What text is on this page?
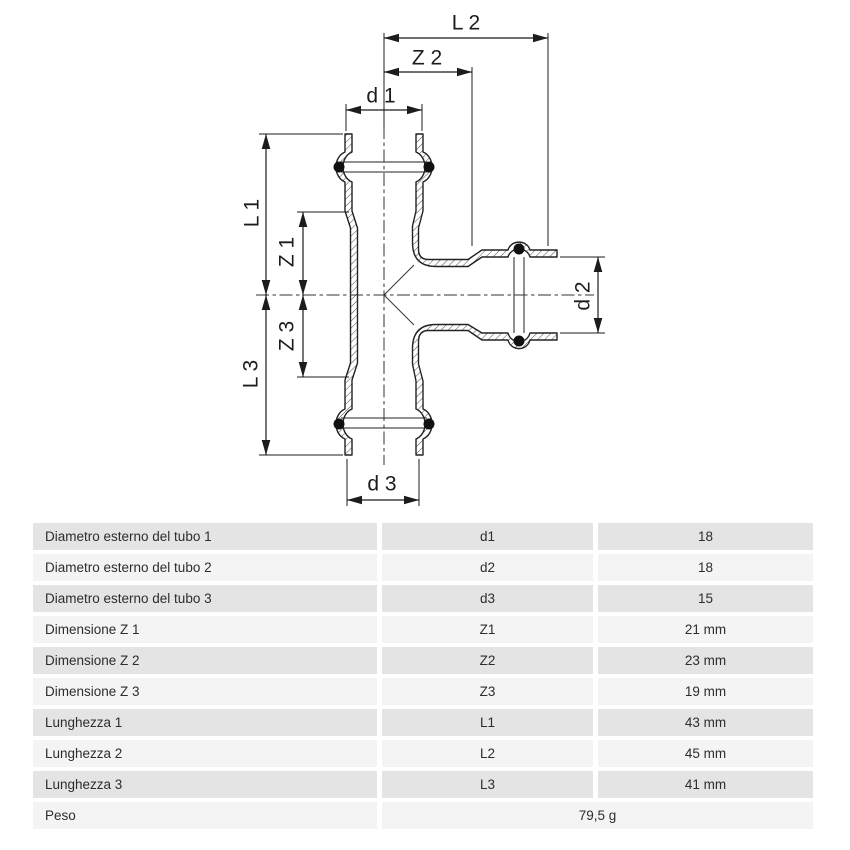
L 2
Z 2
d 1
L 1
Z 1
Z 3
L 3
d 2
d 3
Diametro esterno del tubo 1	d1	18
Diametro esterno del tubo 2	d2	18
Diametro esterno del tubo 3	d3	15
Dimensione Z 1	Z1	21 mm
Dimensione Z 2	Z2	23 mm
Dimensione Z 3	Z3	19 mm
Lunghezza 1	L1	43 mm
Lunghezza 2	L2	45 mm
Lunghezza 3	L3	41 mm
Peso	79,5 g
